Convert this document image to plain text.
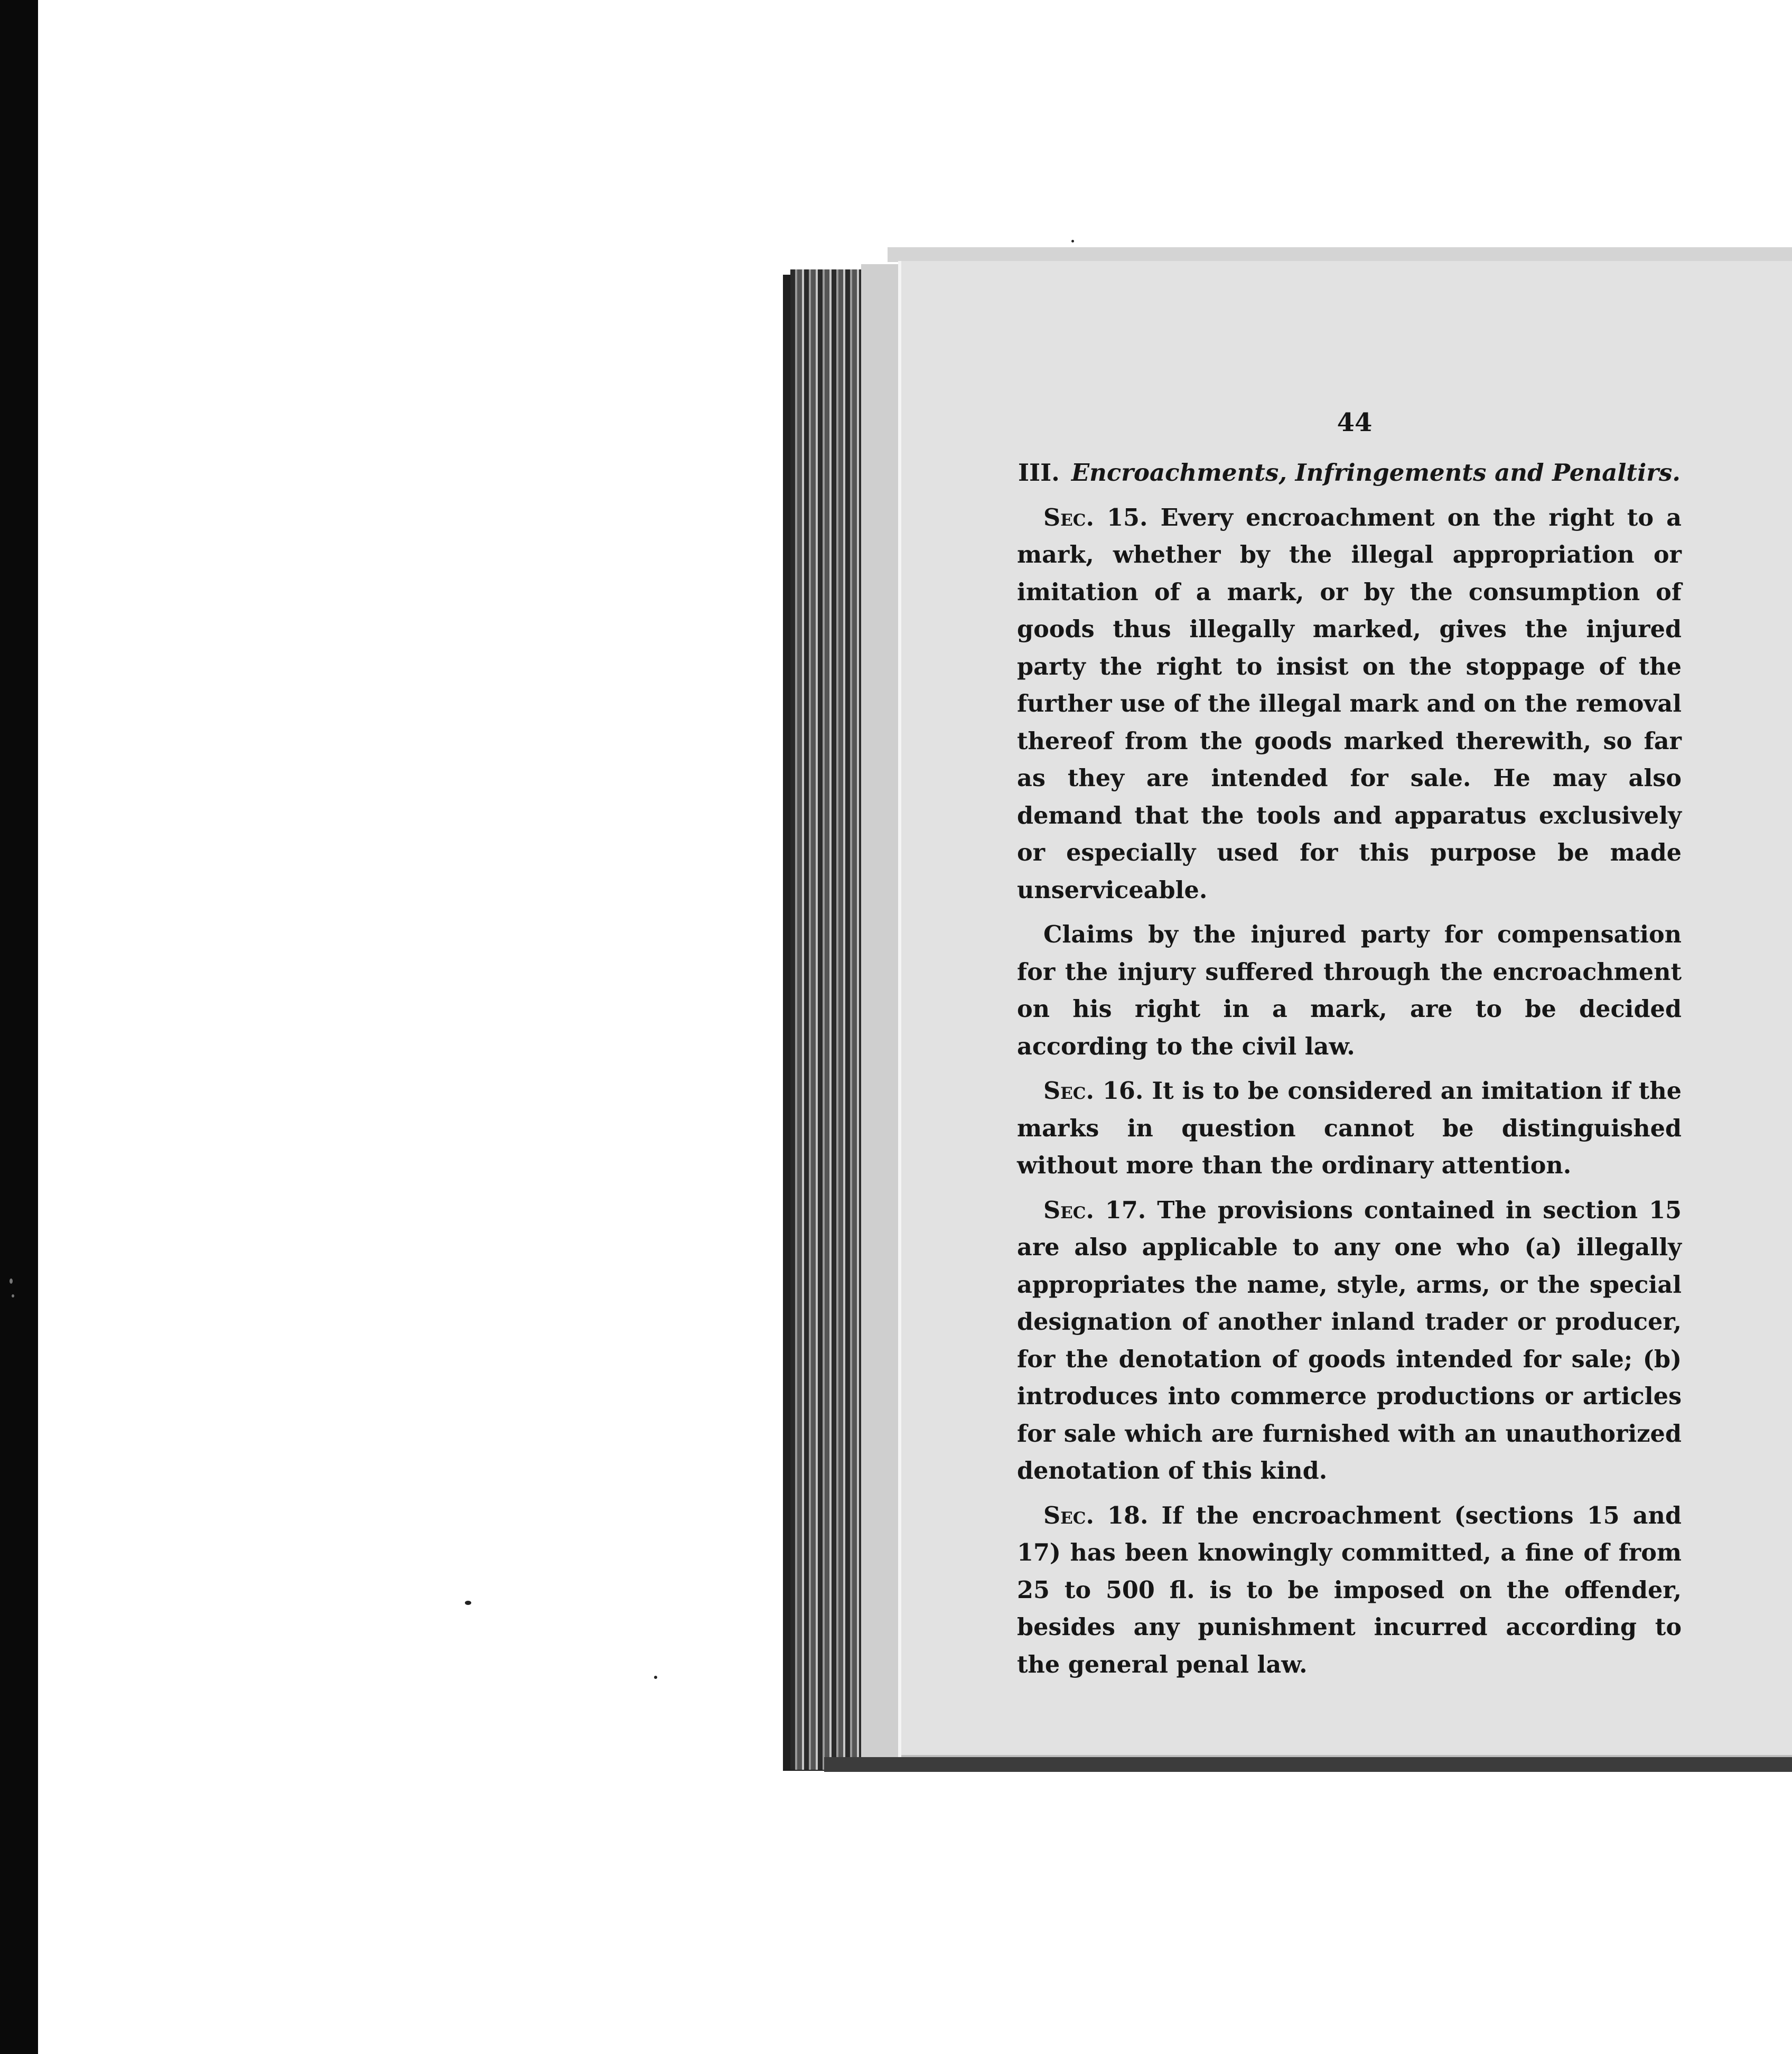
44
III. Encroachments, Infringements and Penaltirs.

Sec. 15. Every encroachment on the right to a mark, whether by the illegal appropriation or imitation of a mark, or by the consumption of goods thus illegally marked, gives the injured party the right to insist on the stoppage of the further use of the illegal mark and on the removal thereof from the goods marked therewith, so far as they are intended for sale. He may also demand that the tools and apparatus exclusively or especially used for this purpose be made unserviceable.

Claims by the injured party for compensation for the injury suffered through the encroachment on his right in a mark, are to be decided according to the civil law.

Sec. 16. It is to be considered an imitation if the marks in question cannot be distinguished without more than the ordinary attention.

Sec. 17. The provisions contained in section 15 are also applicable to any one who (a) illegally appropriates the name, style, arms, or the special designation of another inland trader or producer, for the denotation of goods intended for sale; (b) introduces into commerce productions or articles for sale which are furnished with an unauthorized denotation of this kind.

Sec. 18. If the encroachment (sections 15 and 17) has been knowingly committed, a fine of from 25 to 500 fl. is to be imposed on the offender, besides any punishment incurred according to the general penal law.
